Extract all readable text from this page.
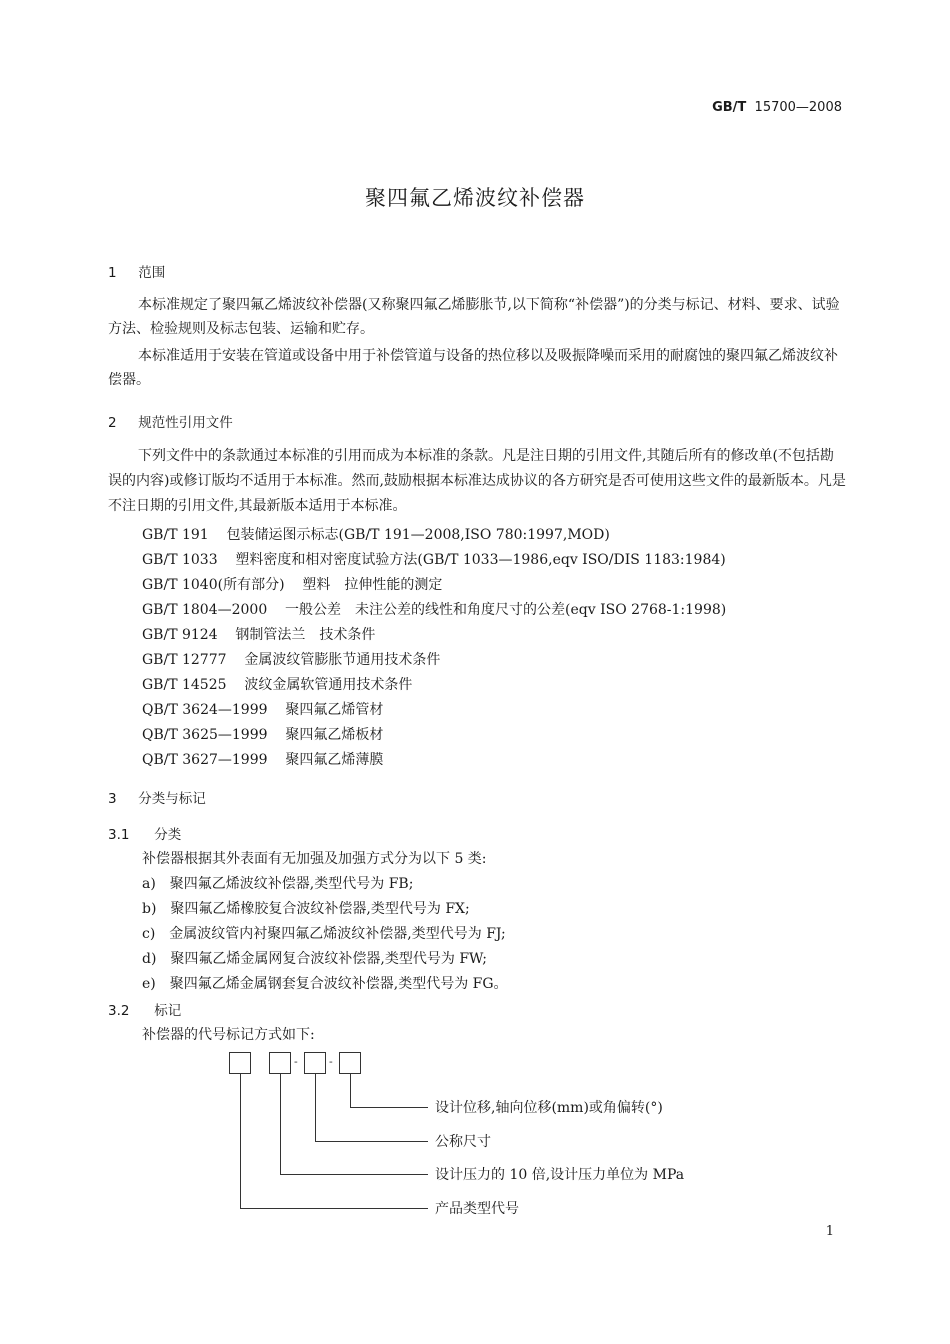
GB/T 15700—2008
聚四氟乙烯波纹补偿器
1 范围
本标准规定了聚四氟乙烯波纹补偿器(又称聚四氟乙烯膨胀节,以下简称“补偿器”)的分类与标记、材料、要求、试验方法、检验规则及标志包装、运输和贮存。
本标准适用于安装在管道或设备中用于补偿管道与设备的热位移以及吸振降噪而采用的耐腐蚀的聚四氟乙烯波纹补偿器。
2 规范性引用文件
下列文件中的条款通过本标准的引用而成为本标准的条款。凡是注日期的引用文件,其随后所有的修改单(不包括勘误的内容)或修订版均不适用于本标准。然而,鼓励根据本标准达成协议的各方研究是否可使用这些文件的最新版本。凡是不注日期的引用文件,其最新版本适用于本标准。
GB/T 191 包装储运图示标志(GB/T 191—2008,ISO 780:1997,MOD)
GB/T 1033 塑料密度和相对密度试验方法(GB/T 1033—1986,eqv ISO/DIS 1183:1984)
GB/T 1040(所有部分) 塑料　拉伸性能的测定
GB/T 1804—2000 一般公差　未注公差的线性和角度尺寸的公差(eqv ISO 2768-1:1998)
GB/T 9124 钢制管法兰　技术条件
GB/T 12777 金属波纹管膨胀节通用技术条件
GB/T 14525 波纹金属软管通用技术条件
QB/T 3624—1999 聚四氟乙烯管材
QB/T 3625—1999 聚四氟乙烯板材
QB/T 3627—1999 聚四氟乙烯薄膜
3 分类与标记
3.1 分类
补偿器根据其外表面有无加强及加强方式分为以下 5 类:
a)　聚四氟乙烯波纹补偿器,类型代号为 FB;
b)　聚四氟乙烯橡胶复合波纹补偿器,类型代号为 FX;
c)　金属波纹管内衬聚四氟乙烯波纹补偿器,类型代号为 FJ;
d)　聚四氟乙烯金属网复合波纹补偿器,类型代号为 FW;
e)　聚四氟乙烯金属钢套复合波纹补偿器,类型代号为 FG。
3.2 标记
补偿器的代号标记方式如下:
-	-
设计位移,轴向位移(mm)或角偏转(°)
公称尺寸
设计压力的 10 倍,设计压力单位为 MPa
产品类型代号
1
